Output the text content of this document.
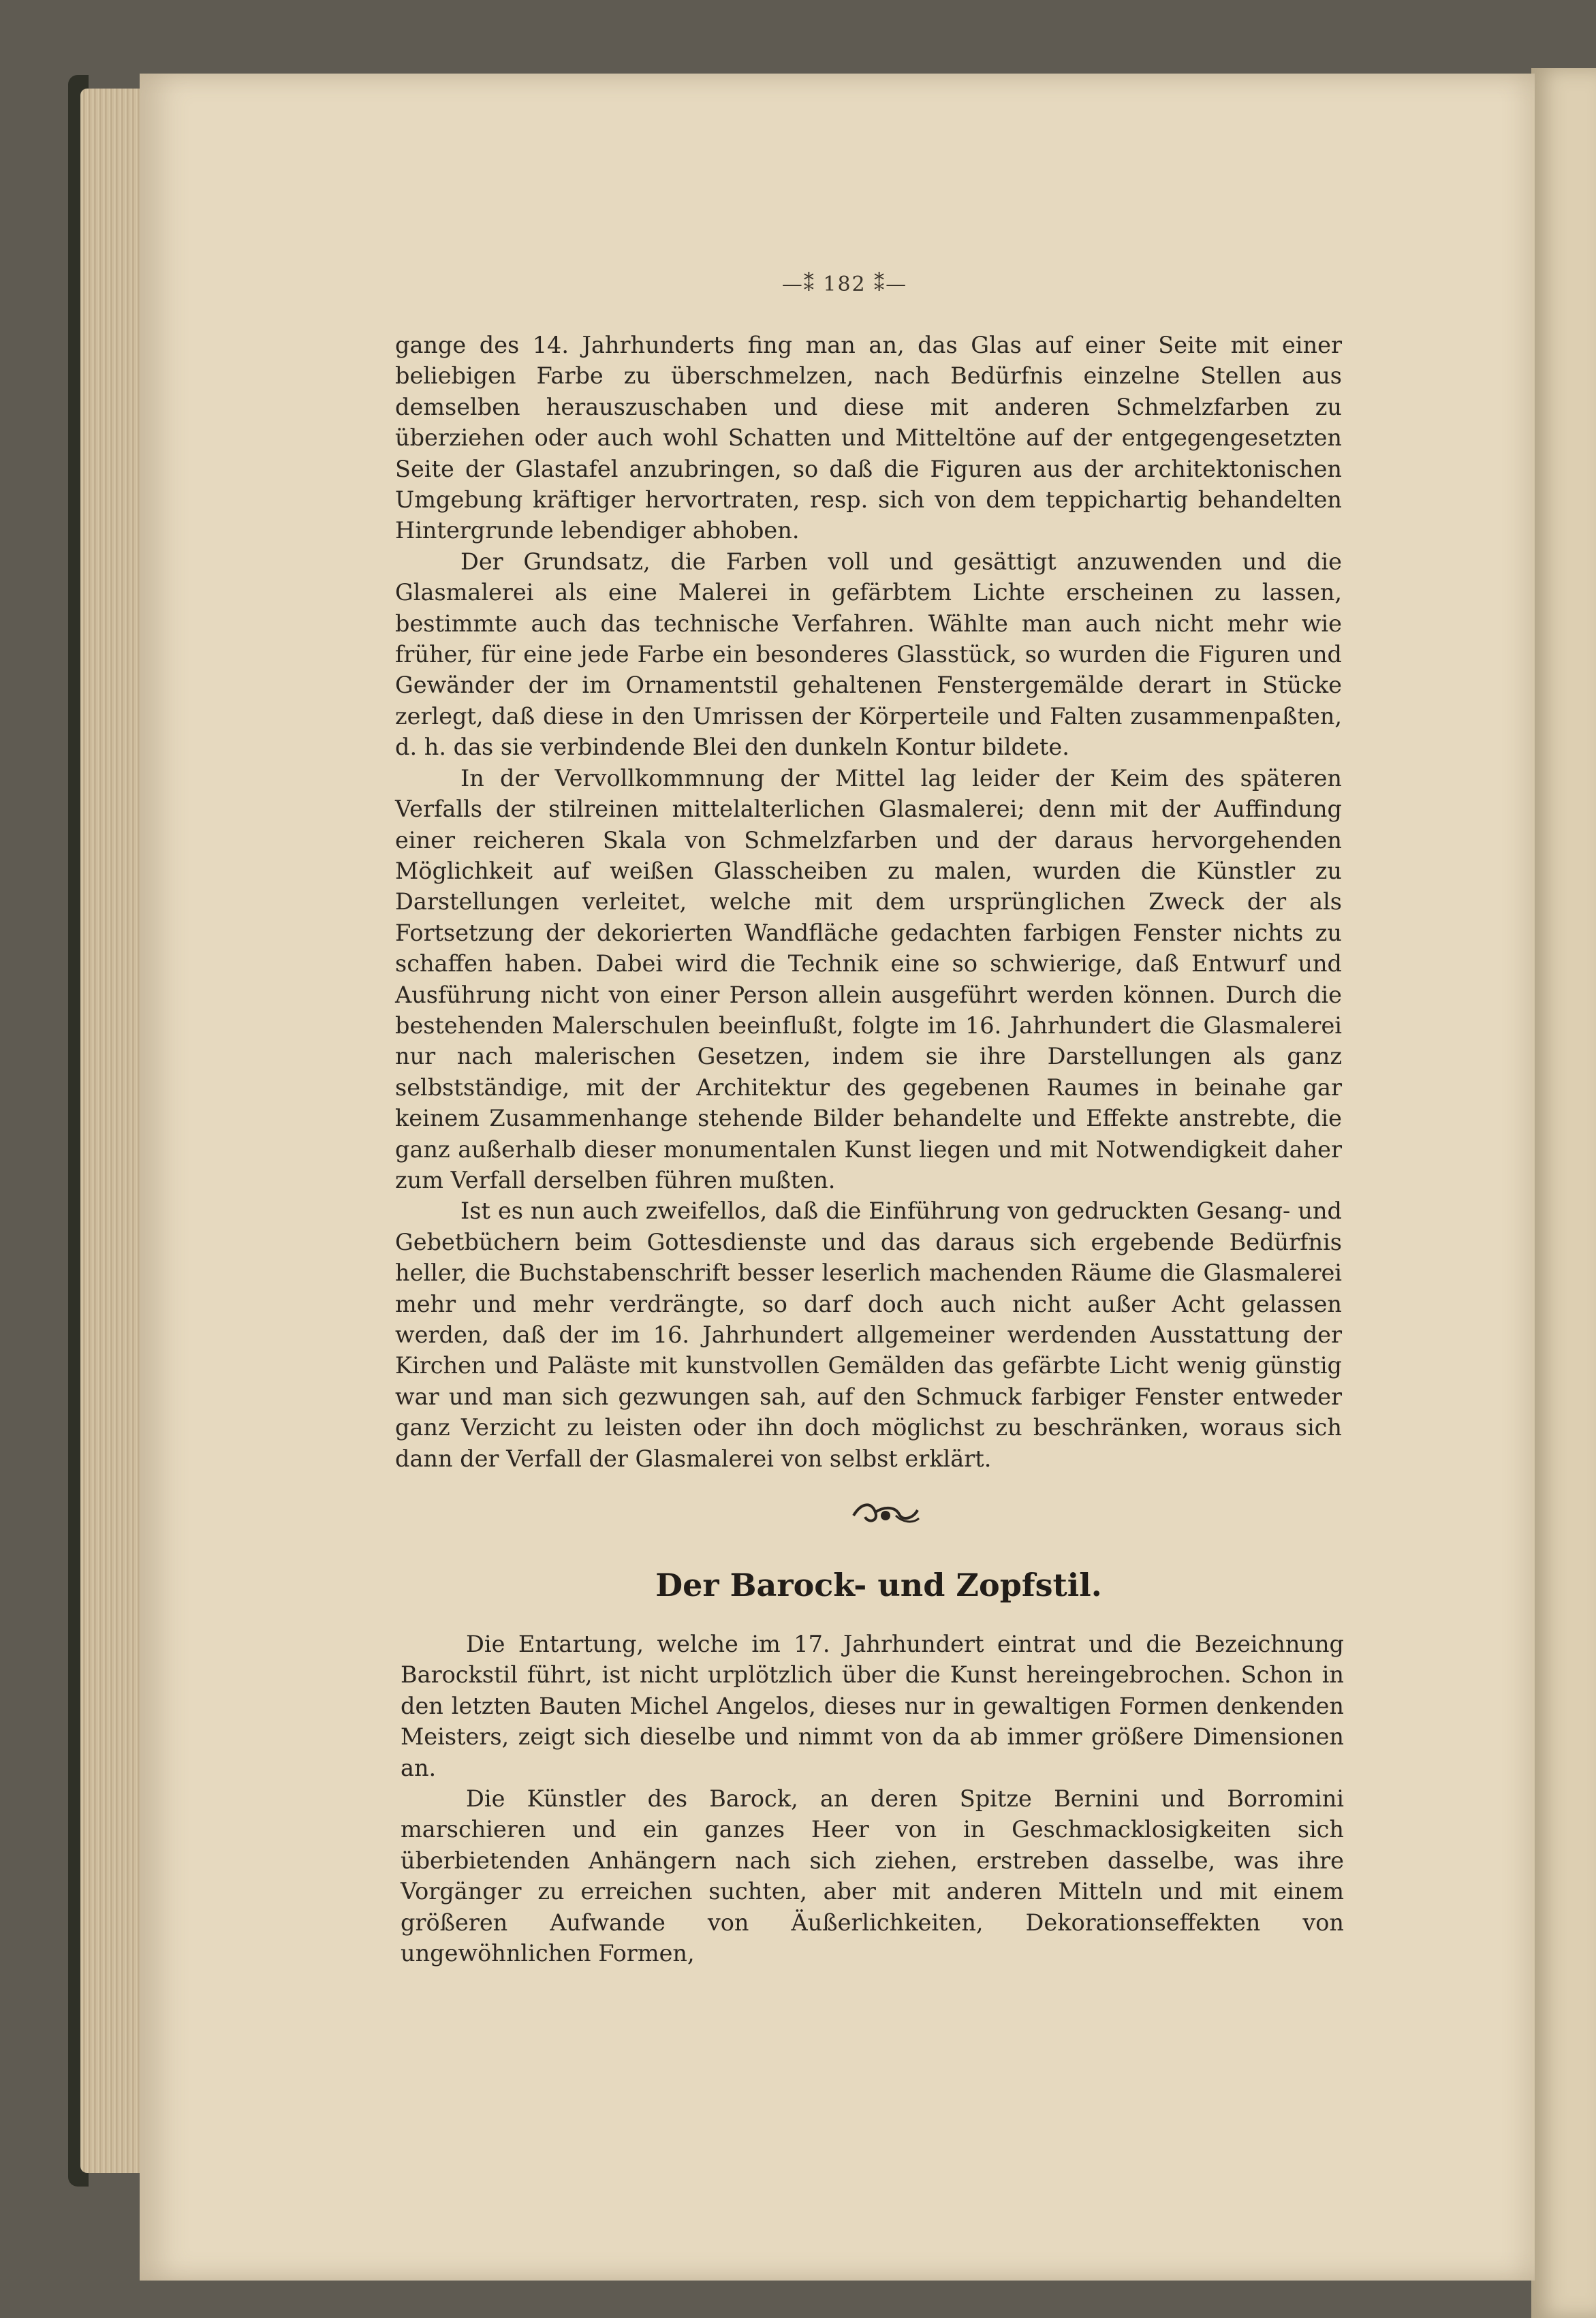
—⁑ 182 ⁑—

gange des 14. Jahrhunderts fing man an, das Glas auf einer Seite mit einer beliebigen Farbe zu überschmelzen, nach Bedürfnis einzelne Stellen aus demselben herauszuschaben und diese mit anderen Schmelzfarben zu überziehen oder auch wohl Schatten und Mitteltöne auf der entgegengesetzten Seite der Glastafel anzubringen, so daß die Figuren aus der architektonischen Umgebung kräftiger hervortraten, resp. sich von dem teppichartig behandelten Hintergrunde lebendiger abhoben.

Der Grundsatz, die Farben voll und gesättigt anzuwenden und die Glasmalerei als eine Malerei in gefärbtem Lichte erscheinen zu lassen, bestimmte auch das technische Verfahren. Wählte man auch nicht mehr wie früher, für eine jede Farbe ein besonderes Glasstück, so wurden die Figuren und Gewänder der im Ornamentstil gehaltenen Fenstergemälde derart in Stücke zerlegt, daß diese in den Umrissen der Körperteile und Falten zusammenpaßten, d. h. das sie verbindende Blei den dunkeln Kontur bildete.

In der Vervollkommnung der Mittel lag leider der Keim des späteren Verfalls der stilreinen mittelalterlichen Glasmalerei; denn mit der Auffindung einer reicheren Skala von Schmelzfarben und der daraus hervorgehenden Möglichkeit auf weißen Glasscheiben zu malen, wurden die Künstler zu Darstellungen verleitet, welche mit dem ursprünglichen Zweck der als Fortsetzung der dekorierten Wandfläche gedachten farbigen Fenster nichts zu schaffen haben. Dabei wird die Technik eine so schwierige, daß Entwurf und Ausführung nicht von einer Person allein ausgeführt werden können. Durch die bestehenden Malerschulen beeinflußt, folgte im 16. Jahrhundert die Glasmalerei nur nach malerischen Gesetzen, indem sie ihre Darstellungen als ganz selbstständige, mit der Architektur des gegebenen Raumes in beinahe gar keinem Zusammenhange stehende Bilder behandelte und Effekte anstrebte, die ganz außerhalb dieser monumentalen Kunst liegen und mit Notwendigkeit daher zum Verfall derselben führen mußten.

Ist es nun auch zweifellos, daß die Einführung von gedruckten Gesang- und Gebetbüchern beim Gottesdienste und das daraus sich ergebende Bedürfnis heller, die Buchstabenschrift besser leserlich machenden Räume die Glasmalerei mehr und mehr verdrängte, so darf doch auch nicht außer Acht gelassen werden, daß der im 16. Jahrhundert allgemeiner werdenden Ausstattung der Kirchen und Paläste mit kunstvollen Gemälden das gefärbte Licht wenig günstig war und man sich gezwungen sah, auf den Schmuck farbiger Fenster entweder ganz Verzicht zu leisten oder ihn doch möglichst zu beschränken, woraus sich dann der Verfall der Glasmalerei von selbst erklärt.

Der Barock- und Zopfstil.

Die Entartung, welche im 17. Jahrhundert eintrat und die Bezeichnung Barockstil führt, ist nicht urplötzlich über die Kunst hereingebrochen. Schon in den letzten Bauten Michel Angelos, dieses nur in gewaltigen Formen denkenden Meisters, zeigt sich dieselbe und nimmt von da ab immer größere Dimensionen an.

Die Künstler des Barock, an deren Spitze Bernini und Borromini marschieren und ein ganzes Heer von in Geschmacklosigkeiten sich überbietenden Anhängern nach sich ziehen, erstreben dasselbe, was ihre Vorgänger zu erreichen suchten, aber mit anderen Mitteln und mit einem größeren Aufwande von Äußerlichkeiten, Dekorationseffekten von ungewöhnlichen Formen,
